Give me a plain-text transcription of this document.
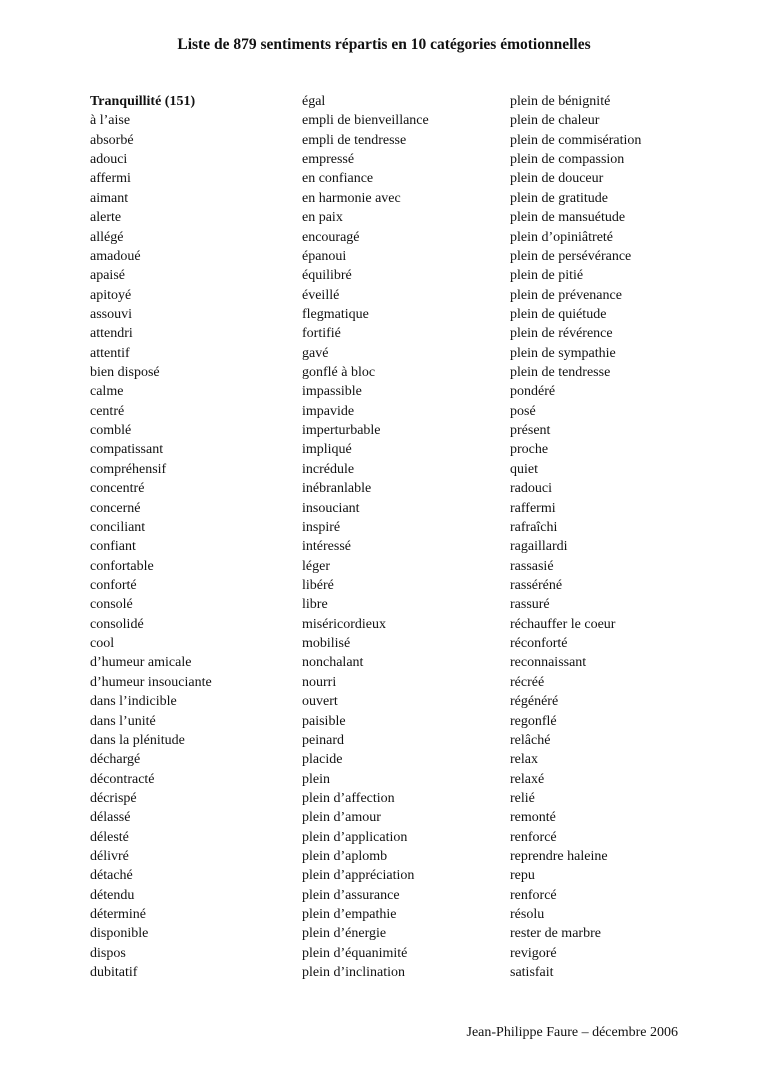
Liste de 879 sentiments répartis en 10 catégories émotionnelles
Tranquillité (151)
à l’aise
absorbé
adouci
affermi
aimant
alerte
allégé
amadoué
apaisé
apitoyé
assouvi
attendri
attentif
bien disposé
calme
centré
comblé
compatissant
compréhensif
concentré
concerné
conciliant
confiant
confortable
conforté
consolé
consolidé
cool
d’humeur amicale
d’humeur insouciante
dans l’indicible
dans l’unité
dans la plénitude
déchargé
décontracté
décrispé
délassé
délesté
délivré
détaché
détendu
déterminé
disponible
dispos
dubitatif
égal
empli de bienveillance
empli de tendresse
empressé
en confiance
en harmonie avec
en paix
encouragé
épanoui
équilibré
éveillé
flegmatique
fortifié
gavé
gonflé à bloc
impassible
impavide
imperturbable
impliqué
incrédule
inébranlable
insouciant
inspiré
intéressé
léger
libéré
libre
miséricordieux
mobilisé
nonchalant
nourri
ouvert
paisible
peinard
placide
plein
plein d’affection
plein d’amour
plein d’application
plein d’aplomb
plein d’appréciation
plein d’assurance
plein d’empathie
plein d’énergie
plein d’équanimité
plein d’inclination
plein de bénignité
plein de chaleur
plein de commisération
plein de compassion
plein de douceur
plein de gratitude
plein de mansuétude
plein d’opiniâtreté
plein de persévérance
plein de pitié
plein de prévenance
plein de quiétude
plein de révérence
plein de sympathie
plein de tendresse
pondéré
posé
présent
proche
quiet
radouci
raffermi
rafraîchi
ragaillardi
rassasié
rasséréné
rassuré
réchauffer le coeur
réconforté
reconnaissant
récréé
régénéré
regonflé
relâché
relax
relaxé
relié
remonté
renforcé
reprendre haleine
repu
renforcé
résolu
rester de marbre
revigoré
satisfait
Jean-Philippe Faure – décembre 2006
